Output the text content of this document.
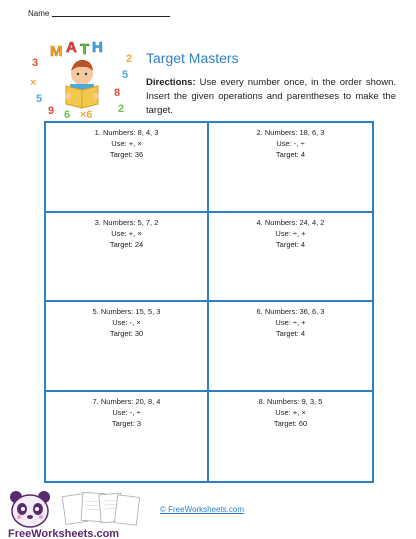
Name
3
×
5
9 6 ×6
8
5
2
2
M A T H
Target Masters
Directions: Use every number once, in the order shown. Insert the given operations and parentheses to make the target.
1. Numbers: 8, 4, 3
Use: +, ×
Target: 36
2. Numbers: 18, 6, 3
Use: -, ÷
Target: 4
3. Numbers: 5, 7, 2
Use: +, ×
Target: 24
4. Numbers: 24, 4, 2
Use: ÷, +
Target: 4
5. Numbers: 15, 5, 3
Use: -, ×
Target: 30
6. Numbers: 36, 6, 3
Use: ÷, +
Target: 4
7. Numbers: 20, 8, 4
Use: -, ÷
Target: 3
8. Numbers: 9, 3, 5
Use: +, ×
Target: 60
FreeWorksheets.com
© FreeWorksheets.com
